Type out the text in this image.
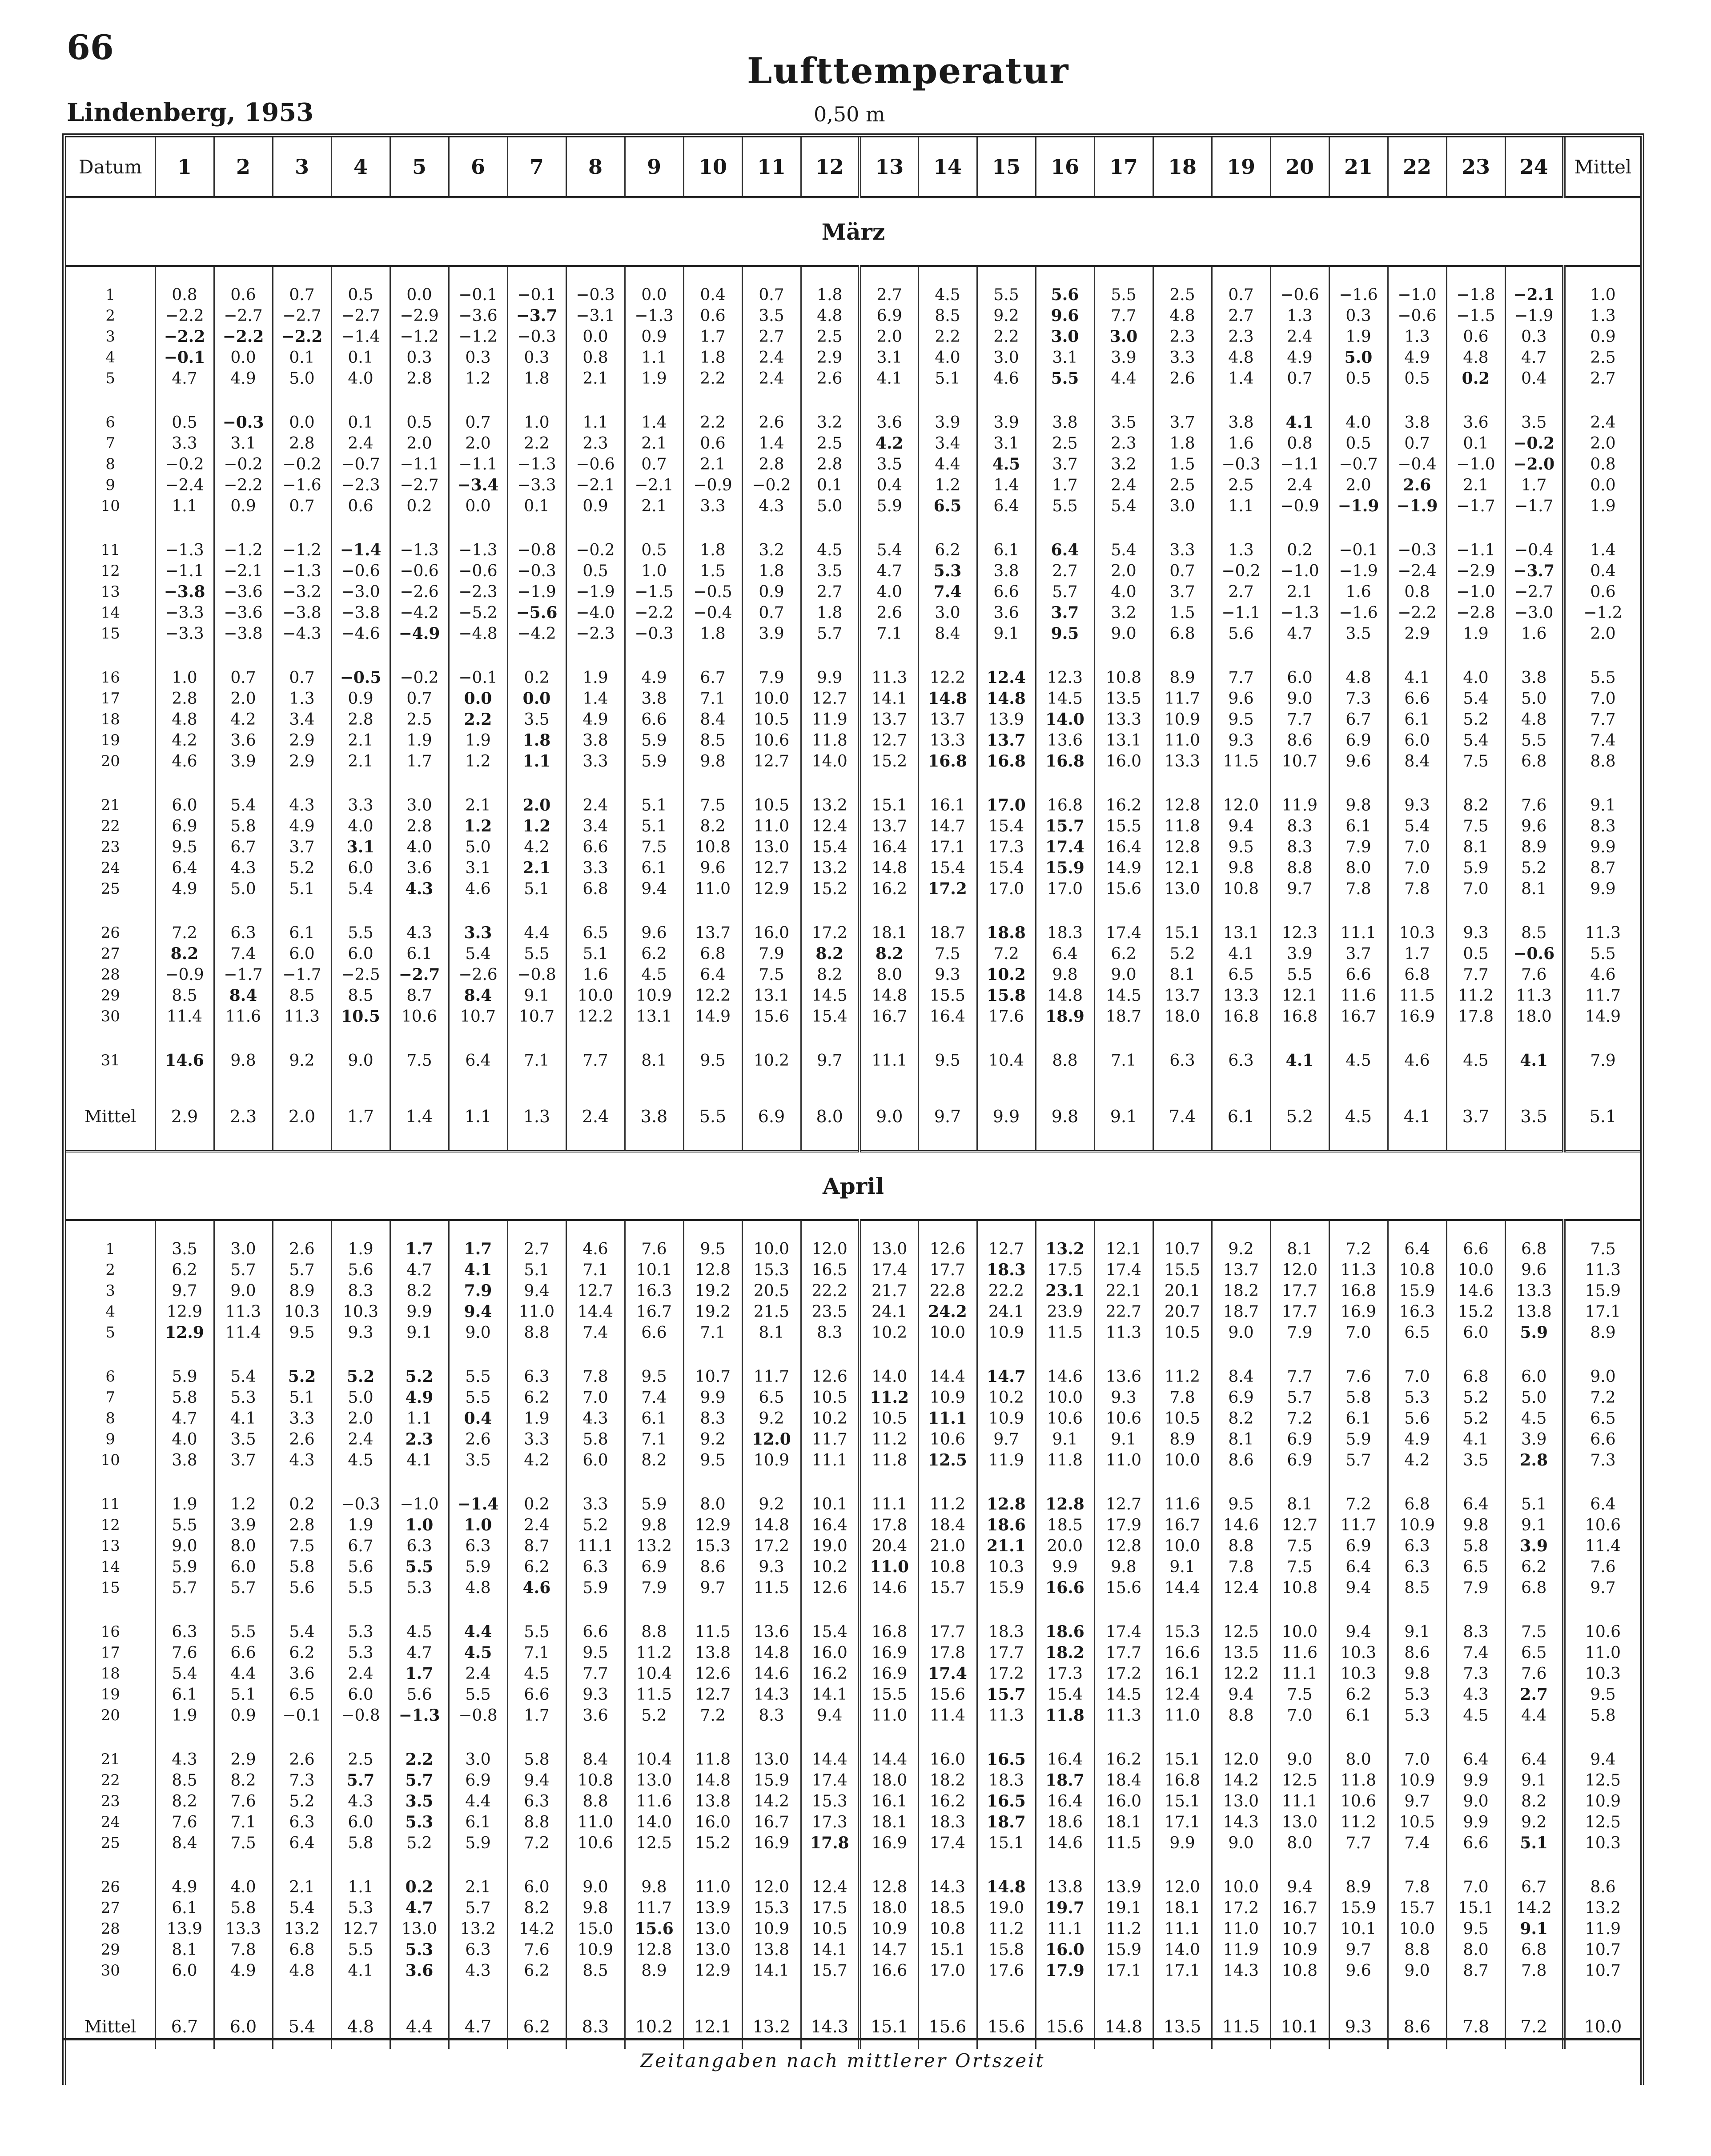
66
Lufttemperatur
Lindenberg, 1953	0,50 m
Datum	1	2	3	4	5	6	7	8	9	10	11	12	13	14	15	16	17	18	19	20	21	22	23	24	Mittel
März																									

1	0.8	0.6	0.7	0.5	0.0	−0.1	−0.1	−0.3	0.0	0.4	0.7	1.8	2.7	4.5	5.5	5.6	5.5	2.5	0.7	−0.6	−1.6	−1.0	−1.8	−2.1	1.0
2	−2.2	−2.7	−2.7	−2.7	−2.9	−3.6	−3.7	−3.1	−1.3	0.6	3.5	4.8	6.9	8.5	9.2	9.6	7.7	4.8	2.7	1.3	0.3	−0.6	−1.5	−1.9	1.3
3	−2.2	−2.2	−2.2	−1.4	−1.2	−1.2	−0.3	0.0	0.9	1.7	2.7	2.5	2.0	2.2	2.2	3.0	3.0	2.3	2.3	2.4	1.9	1.3	0.6	0.3	0.9
4	−0.1	0.0	0.1	0.1	0.3	0.3	0.3	0.8	1.1	1.8	2.4	2.9	3.1	4.0	3.0	3.1	3.9	3.3	4.8	4.9	5.0	4.9	4.8	4.7	2.5
5	4.7	4.9	5.0	4.0	2.8	1.2	1.8	2.1	1.9	2.2	2.4	2.6	4.1	5.1	4.6	5.5	4.4	2.6	1.4	0.7	0.5	0.5	0.2	0.4	2.7

6	0.5	−0.3	0.0	0.1	0.5	0.7	1.0	1.1	1.4	2.2	2.6	3.2	3.6	3.9	3.9	3.8	3.5	3.7	3.8	4.1	4.0	3.8	3.6	3.5	2.4
7	3.3	3.1	2.8	2.4	2.0	2.0	2.2	2.3	2.1	0.6	1.4	2.5	4.2	3.4	3.1	2.5	2.3	1.8	1.6	0.8	0.5	0.7	0.1	−0.2	2.0
8	−0.2	−0.2	−0.2	−0.7	−1.1	−1.1	−1.3	−0.6	0.7	2.1	2.8	2.8	3.5	4.4	4.5	3.7	3.2	1.5	−0.3	−1.1	−0.7	−0.4	−1.0	−2.0	0.8
9	−2.4	−2.2	−1.6	−2.3	−2.7	−3.4	−3.3	−2.1	−2.1	−0.9	−0.2	0.1	0.4	1.2	1.4	1.7	2.4	2.5	2.5	2.4	2.0	2.6	2.1	1.7	0.0
10	1.1	0.9	0.7	0.6	0.2	0.0	0.1	0.9	2.1	3.3	4.3	5.0	5.9	6.5	6.4	5.5	5.4	3.0	1.1	−0.9	−1.9	−1.9	−1.7	−1.7	1.9

11	−1.3	−1.2	−1.2	−1.4	−1.3	−1.3	−0.8	−0.2	0.5	1.8	3.2	4.5	5.4	6.2	6.1	6.4	5.4	3.3	1.3	0.2	−0.1	−0.3	−1.1	−0.4	1.4
12	−1.1	−2.1	−1.3	−0.6	−0.6	−0.6	−0.3	0.5	1.0	1.5	1.8	3.5	4.7	5.3	3.8	2.7	2.0	0.7	−0.2	−1.0	−1.9	−2.4	−2.9	−3.7	0.4
13	−3.8	−3.6	−3.2	−3.0	−2.6	−2.3	−1.9	−1.9	−1.5	−0.5	0.9	2.7	4.0	7.4	6.6	5.7	4.0	3.7	2.7	2.1	1.6	0.8	−1.0	−2.7	0.6
14	−3.3	−3.6	−3.8	−3.8	−4.2	−5.2	−5.6	−4.0	−2.2	−0.4	0.7	1.8	2.6	3.0	3.6	3.7	3.2	1.5	−1.1	−1.3	−1.6	−2.2	−2.8	−3.0	−1.2
15	−3.3	−3.8	−4.3	−4.6	−4.9	−4.8	−4.2	−2.3	−0.3	1.8	3.9	5.7	7.1	8.4	9.1	9.5	9.0	6.8	5.6	4.7	3.5	2.9	1.9	1.6	2.0

16	1.0	0.7	0.7	−0.5	−0.2	−0.1	0.2	1.9	4.9	6.7	7.9	9.9	11.3	12.2	12.4	12.3	10.8	8.9	7.7	6.0	4.8	4.1	4.0	3.8	5.5
17	2.8	2.0	1.3	0.9	0.7	0.0	0.0	1.4	3.8	7.1	10.0	12.7	14.1	14.8	14.8	14.5	13.5	11.7	9.6	9.0	7.3	6.6	5.4	5.0	7.0
18	4.8	4.2	3.4	2.8	2.5	2.2	3.5	4.9	6.6	8.4	10.5	11.9	13.7	13.7	13.9	14.0	13.3	10.9	9.5	7.7	6.7	6.1	5.2	4.8	7.7
19	4.2	3.6	2.9	2.1	1.9	1.9	1.8	3.8	5.9	8.5	10.6	11.8	12.7	13.3	13.7	13.6	13.1	11.0	9.3	8.6	6.9	6.0	5.4	5.5	7.4
20	4.6	3.9	2.9	2.1	1.7	1.2	1.1	3.3	5.9	9.8	12.7	14.0	15.2	16.8	16.8	16.8	16.0	13.3	11.5	10.7	9.6	8.4	7.5	6.8	8.8

21	6.0	5.4	4.3	3.3	3.0	2.1	2.0	2.4	5.1	7.5	10.5	13.2	15.1	16.1	17.0	16.8	16.2	12.8	12.0	11.9	9.8	9.3	8.2	7.6	9.1
22	6.9	5.8	4.9	4.0	2.8	1.2	1.2	3.4	5.1	8.2	11.0	12.4	13.7	14.7	15.4	15.7	15.5	11.8	9.4	8.3	6.1	5.4	7.5	9.6	8.3
23	9.5	6.7	3.7	3.1	4.0	5.0	4.2	6.6	7.5	10.8	13.0	15.4	16.4	17.1	17.3	17.4	16.4	12.8	9.5	8.3	7.9	7.0	8.1	8.9	9.9
24	6.4	4.3	5.2	6.0	3.6	3.1	2.1	3.3	6.1	9.6	12.7	13.2	14.8	15.4	15.4	15.9	14.9	12.1	9.8	8.8	8.0	7.0	5.9	5.2	8.7
25	4.9	5.0	5.1	5.4	4.3	4.6	5.1	6.8	9.4	11.0	12.9	15.2	16.2	17.2	17.0	17.0	15.6	13.0	10.8	9.7	7.8	7.8	7.0	8.1	9.9

26	7.2	6.3	6.1	5.5	4.3	3.3	4.4	6.5	9.6	13.7	16.0	17.2	18.1	18.7	18.8	18.3	17.4	15.1	13.1	12.3	11.1	10.3	9.3	8.5	11.3
27	8.2	7.4	6.0	6.0	6.1	5.4	5.5	5.1	6.2	6.8	7.9	8.2	8.2	7.5	7.2	6.4	6.2	5.2	4.1	3.9	3.7	1.7	0.5	−0.6	5.5
28	−0.9	−1.7	−1.7	−2.5	−2.7	−2.6	−0.8	1.6	4.5	6.4	7.5	8.2	8.0	9.3	10.2	9.8	9.0	8.1	6.5	5.5	6.6	6.8	7.7	7.6	4.6
29	8.5	8.4	8.5	8.5	8.7	8.4	9.1	10.0	10.9	12.2	13.1	14.5	14.8	15.5	15.8	14.8	14.5	13.7	13.3	12.1	11.6	11.5	11.2	11.3	11.7
30	11.4	11.6	11.3	10.5	10.6	10.7	10.7	12.2	13.1	14.9	15.6	15.4	16.7	16.4	17.6	18.9	18.7	18.0	16.8	16.8	16.7	16.9	17.8	18.0	14.9

31	14.6	9.8	9.2	9.0	7.5	6.4	7.1	7.7	8.1	9.5	10.2	9.7	11.1	9.5	10.4	8.8	7.1	6.3	6.3	4.1	4.5	4.6	4.5	4.1	7.9

Mittel	2.9	2.3	2.0	1.7	1.4	1.1	1.3	2.4	3.8	5.5	6.9	8.0	9.0	9.7	9.9	9.8	9.1	7.4	6.1	5.2	4.5	4.1	3.7	3.5	5.1

April																									

1	3.5	3.0	2.6	1.9	1.7	1.7	2.7	4.6	7.6	9.5	10.0	12.0	13.0	12.6	12.7	13.2	12.1	10.7	9.2	8.1	7.2	6.4	6.6	6.8	7.5
2	6.2	5.7	5.7	5.6	4.7	4.1	5.1	7.1	10.1	12.8	15.3	16.5	17.4	17.7	18.3	17.5	17.4	15.5	13.7	12.0	11.3	10.8	10.0	9.6	11.3
3	9.7	9.0	8.9	8.3	8.2	7.9	9.4	12.7	16.3	19.2	20.5	22.2	21.7	22.8	22.2	23.1	22.1	20.1	18.2	17.7	16.8	15.9	14.6	13.3	15.9
4	12.9	11.3	10.3	10.3	9.9	9.4	11.0	14.4	16.7	19.2	21.5	23.5	24.1	24.2	24.1	23.9	22.7	20.7	18.7	17.7	16.9	16.3	15.2	13.8	17.1
5	12.9	11.4	9.5	9.3	9.1	9.0	8.8	7.4	6.6	7.1	8.1	8.3	10.2	10.0	10.9	11.5	11.3	10.5	9.0	7.9	7.0	6.5	6.0	5.9	8.9

6	5.9	5.4	5.2	5.2	5.2	5.5	6.3	7.8	9.5	10.7	11.7	12.6	14.0	14.4	14.7	14.6	13.6	11.2	8.4	7.7	7.6	7.0	6.8	6.0	9.0
7	5.8	5.3	5.1	5.0	4.9	5.5	6.2	7.0	7.4	9.9	6.5	10.5	11.2	10.9	10.2	10.0	9.3	7.8	6.9	5.7	5.8	5.3	5.2	5.0	7.2
8	4.7	4.1	3.3	2.0	1.1	0.4	1.9	4.3	6.1	8.3	9.2	10.2	10.5	11.1	10.9	10.6	10.6	10.5	8.2	7.2	6.1	5.6	5.2	4.5	6.5
9	4.0	3.5	2.6	2.4	2.3	2.6	3.3	5.8	7.1	9.2	12.0	11.7	11.2	10.6	9.7	9.1	9.1	8.9	8.1	6.9	5.9	4.9	4.1	3.9	6.6
10	3.8	3.7	4.3	4.5	4.1	3.5	4.2	6.0	8.2	9.5	10.9	11.1	11.8	12.5	11.9	11.8	11.0	10.0	8.6	6.9	5.7	4.2	3.5	2.8	7.3

11	1.9	1.2	0.2	−0.3	−1.0	−1.4	0.2	3.3	5.9	8.0	9.2	10.1	11.1	11.2	12.8	12.8	12.7	11.6	9.5	8.1	7.2	6.8	6.4	5.1	6.4
12	5.5	3.9	2.8	1.9	1.0	1.0	2.4	5.2	9.8	12.9	14.8	16.4	17.8	18.4	18.6	18.5	17.9	16.7	14.6	12.7	11.7	10.9	9.8	9.1	10.6
13	9.0	8.0	7.5	6.7	6.3	6.3	8.7	11.1	13.2	15.3	17.2	19.0	20.4	21.0	21.1	20.0	12.8	10.0	8.8	7.5	6.9	6.3	5.8	3.9	11.4
14	5.9	6.0	5.8	5.6	5.5	5.9	6.2	6.3	6.9	8.6	9.3	10.2	11.0	10.8	10.3	9.9	9.8	9.1	7.8	7.5	6.4	6.3	6.5	6.2	7.6
15	5.7	5.7	5.6	5.5	5.3	4.8	4.6	5.9	7.9	9.7	11.5	12.6	14.6	15.7	15.9	16.6	15.6	14.4	12.4	10.8	9.4	8.5	7.9	6.8	9.7

16	6.3	5.5	5.4	5.3	4.5	4.4	5.5	6.6	8.8	11.5	13.6	15.4	16.8	17.7	18.3	18.6	17.4	15.3	12.5	10.0	9.4	9.1	8.3	7.5	10.6
17	7.6	6.6	6.2	5.3	4.7	4.5	7.1	9.5	11.2	13.8	14.8	16.0	16.9	17.8	17.7	18.2	17.7	16.6	13.5	11.6	10.3	8.6	7.4	6.5	11.0
18	5.4	4.4	3.6	2.4	1.7	2.4	4.5	7.7	10.4	12.6	14.6	16.2	16.9	17.4	17.2	17.3	17.2	16.1	12.2	11.1	10.3	9.8	7.3	7.6	10.3
19	6.1	5.1	6.5	6.0	5.6	5.5	6.6	9.3	11.5	12.7	14.3	14.1	15.5	15.6	15.7	15.4	14.5	12.4	9.4	7.5	6.2	5.3	4.3	2.7	9.5
20	1.9	0.9	−0.1	−0.8	−1.3	−0.8	1.7	3.6	5.2	7.2	8.3	9.4	11.0	11.4	11.3	11.8	11.3	11.0	8.8	7.0	6.1	5.3	4.5	4.4	5.8

21	4.3	2.9	2.6	2.5	2.2	3.0	5.8	8.4	10.4	11.8	13.0	14.4	14.4	16.0	16.5	16.4	16.2	15.1	12.0	9.0	8.0	7.0	6.4	6.4	9.4
22	8.5	8.2	7.3	5.7	5.7	6.9	9.4	10.8	13.0	14.8	15.9	17.4	18.0	18.2	18.3	18.7	18.4	16.8	14.2	12.5	11.8	10.9	9.9	9.1	12.5
23	8.2	7.6	5.2	4.3	3.5	4.4	6.3	8.8	11.6	13.8	14.2	15.3	16.1	16.2	16.5	16.4	16.0	15.1	13.0	11.1	10.6	9.7	9.0	8.2	10.9
24	7.6	7.1	6.3	6.0	5.3	6.1	8.8	11.0	14.0	16.0	16.7	17.3	18.1	18.3	18.7	18.6	18.1	17.1	14.3	13.0	11.2	10.5	9.9	9.2	12.5
25	8.4	7.5	6.4	5.8	5.2	5.9	7.2	10.6	12.5	15.2	16.9	17.8	16.9	17.4	15.1	14.6	11.5	9.9	9.0	8.0	7.7	7.4	6.6	5.1	10.3

26	4.9	4.0	2.1	1.1	0.2	2.1	6.0	9.0	9.8	11.0	12.0	12.4	12.8	14.3	14.8	13.8	13.9	12.0	10.0	9.4	8.9	7.8	7.0	6.7	8.6
27	6.1	5.8	5.4	5.3	4.7	5.7	8.2	9.8	11.7	13.9	15.3	17.5	18.0	18.5	19.0	19.7	19.1	18.1	17.2	16.7	15.9	15.7	15.1	14.2	13.2
28	13.9	13.3	13.2	12.7	13.0	13.2	14.2	15.0	15.6	13.0	10.9	10.5	10.9	10.8	11.2	11.1	11.2	11.1	11.0	10.7	10.1	10.0	9.5	9.1	11.9
29	8.1	7.8	6.8	5.5	5.3	6.3	7.6	10.9	12.8	13.0	13.8	14.1	14.7	15.1	15.8	16.0	15.9	14.0	11.9	10.9	9.7	8.8	8.0	6.8	10.7
30	6.0	4.9	4.8	4.1	3.6	4.3	6.2	8.5	8.9	12.9	14.1	15.7	16.6	17.0	17.6	17.9	17.1	17.1	14.3	10.8	9.6	9.0	8.7	7.8	10.7

Mittel	6.7	6.0	5.4	4.8	4.4	4.7	6.2	8.3	10.2	12.1	13.2	14.3	15.1	15.6	15.6	15.6	14.8	13.5	11.5	10.1	9.3	8.6	7.8	7.2	10.0
Zeitangaben nach mittlerer Ortszeit
